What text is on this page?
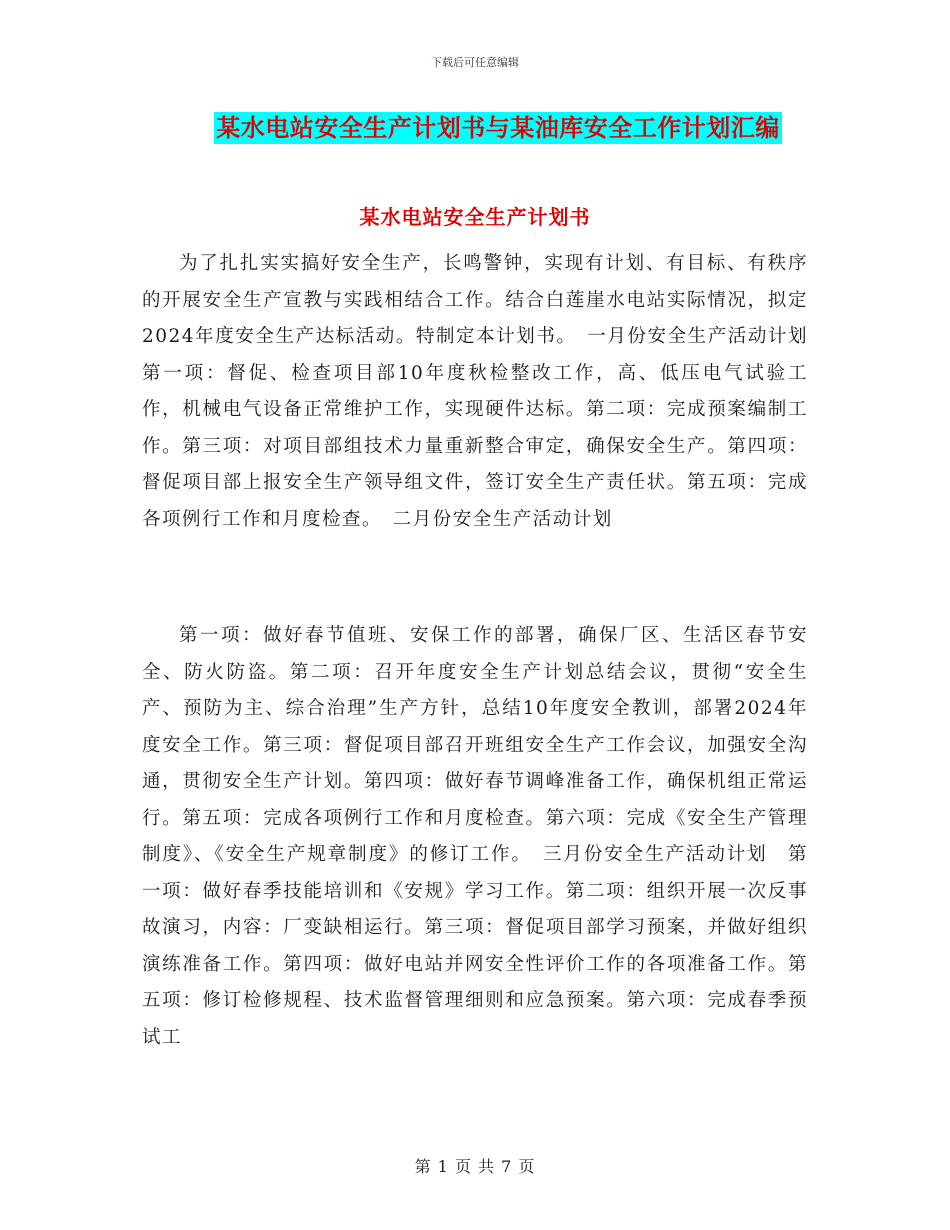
下载后可任意编辑
某水电站安全生产计划书与某油库安全工作计划汇编
某水电站安全生产计划书

为了扎扎实实搞好安全生产，长鸣警钟，实现有计划、有目标、有秩序的开展安全生产宣教与实践相结合工作。结合白莲崖水电站实际情况，拟定2024年度安全生产达标活动。特制定本计划书。　一月份安全生产活动计划　第一项：督促、检查项目部10年度秋检整改工作，高、低压电气试验工作，机械电气设备正常维护工作，实现硬件达标。第二项：完成预案编制工作。第三项：对项目部组技术力量重新整合审定，确保安全生产。第四项：督促项目部上报安全生产领导组文件，签订安全生产责任状。第五项：完成各项例行工作和月度检查。　二月份安全生产活动计划

第一项：做好春节值班、安保工作的部署，确保厂区、生活区春节安全、防火防盗。第二项：召开年度安全生产计划总结会议，贯彻“安全生产、预防为主、综合治理”生产方针，总结10年度安全教训，部署2024年度安全工作。第三项：督促项目部召开班组安全生产工作会议，加强安全沟通，贯彻安全生产计划。第四项：做好春节调峰准备工作，确保机组正常运行。第五项：完成各项例行工作和月度检查。第六项：完成《安全生产管理制度》、《安全生产规章制度》的修订工作。　三月份安全生产活动计划　第一项：做好春季技能培训和《安规》学习工作。第二项：组织开展一次反事故演习，内容：厂变缺相运行。第三项：督促项目部学习预案，并做好组织演练准备工作。第四项：做好电站并网安全性评价工作的各项准备工作。第五项：修订检修规程、技术监督管理细则和应急预案。第六项：完成春季预试工

第 1 页 共 7 页
